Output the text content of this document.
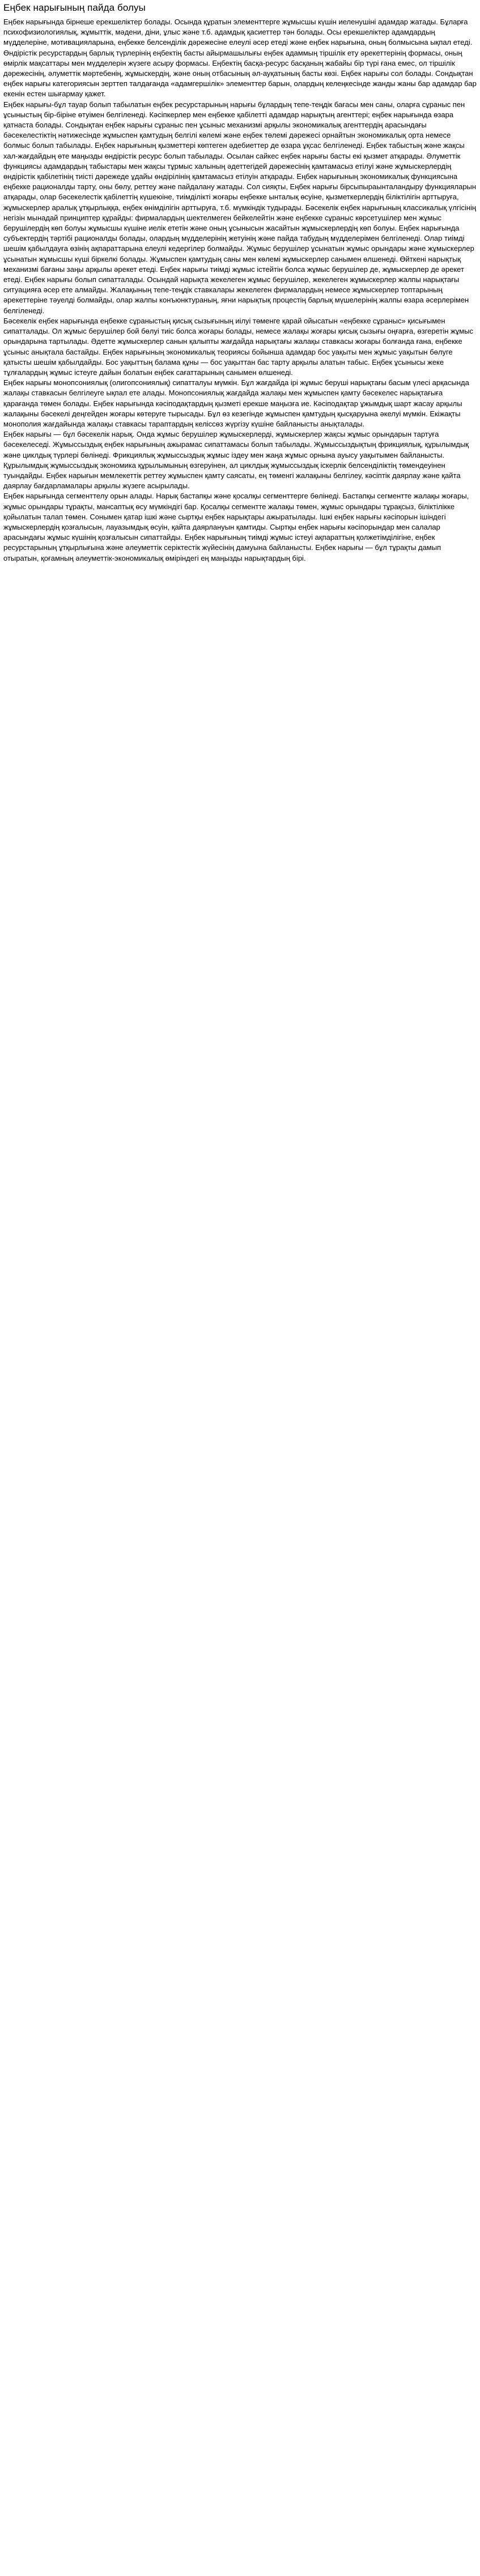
Еңбек нарығының пайда болуы

Еңбек нарығында бірнеше ерекшеліктер болады. Осында құратын элементтерге жұмысшы күшін иеленушіні адамдар жатады. Бұларға психофизиологиялық, жұмыттік, мәдени, діни, ұлыс және т.б. адамдық қасиеттер тән болады. Осы ерекшеліктер адамдардың мүдделеріне, мотивацияларына, еңбекке белсенділік дәрежесіне елеулі әсер етеді және еңбек нарығына, оның болмысына ықпал етеді. Өндірістік ресурстардың барлық түрлерінің еңбектің басты айырмашылығы еңбек адаммың тіршілік ету әрекеттерінің формасы, оның өмірлік мақсаттары мен мүдделерін жүзеге асыру формасы. Еңбектің басқа-ресурс басқаның жабайы бір түрі ғана емес, ол тіршілік дәрежесінің, әлуметтік мәртебенің, жұмыскердің, және оның отбасының әл-ауқатының басты көзі. Еңбек нарығы сол болады. Сондықтан еңбек нарығы категориясын зерттеп талдағанда «адамгершілік» элементтер барын, олардың келеңкесінде жанды жаны бар адамдар бар екенін естен шығармау қажет.

Еңбек нарығы-бұл тауар болып табылатын еңбек ресурстарының нарығы бұлардың тепе-теңдік бағасы мен саны, оларға сұраныс пен ұсыныстың бір-біріне өтуімен белгіленеді. Кәсіпкерлер мен еңбекке қабілетті адамдар нарықтың агенттері; еңбек нарығында өзара қатнаста болады. Сондықтан еңбек нарығы сұраныс пен ұсыныс механизмі арқылы экономикалық агенттердің арасындағы бәсекелестіктің нәтижесінде жұмыспен қамтудың белгілі көлемі және еңбек төлемі дәрежесі орнайтын экономикалық орта немесе болмыс болып табылады. Еңбек нарығының қызметтері көптеген әдебиеттер де өзара ұқсас белгіленеді. Еңбек табыстың және жақсы хал-жағдайдың өте маңызды өндірістік ресурс болып табылады. Осылан сайкес еңбек нарығы басты екі қызмет атқарады. Әлуметтік функциясы адамдардың табыстары мен жақсы тұрмыс халының әдеттегідей дәрежесінің қамтамасыз етілуі және жұмыскерлердің өндірістік қабілетінің тиісті дәрежеде ұдайы өндірілінің қамтамасыз етілуін атқарады. Еңбек нарығының экономикалық функциясына еңбекке рационалды тарту, оны бөлу, реттеу және пайдалану жатады. Сол сияқты, Еңбек нарығы бірсыпыраынталандыру функцияларын атқарады, олар бәсекелестік қабілеттің күшеюіне, тиімділікті жоғары еңбекке ынталық өсуіне, қызметкерлердің біліктілігін арттыруға, жұмыскерлер аралық ұтқырлыққа, еңбек өнімділігін арттыруға, т.б. мүмкіндік тудырады. Бәсекелік еңбек нарығының классикалық үлгісінің негізін мынадай принциптер құрайды: фирмалардың шектелмеген бейкелейтін және еңбекке сұраныс көрсетушілер мен жұмыс берушілердің көп болуы жұмысшы күшіне иелік ететін және оның ұсынысын жасайтын жұмыскерлердің көп болуы. Еңбек нарығында субъектердің тәртібі рационалды болады, олардың мүдделерінің жетуінің және пайда табудың мүдделерімен белгіленеді. Олар тиімді шешім қабылдауға өзінің ақпараттарына елеулі кедергілер болмайды. Жұмыс берушілер ұсынатын жұмыс орындары және жұмыскерлер ұсынатын жұмысшы күші біркелкі болады. Жұмыспен қамтудың саны мен көлемі жұмыскерлер санымен өлшенеді. Өйткені нарықтық механизмі бағаны заңы арқылы әрекет етеді. Еңбек нарығы тиімді жұмыс істейтін болса жұмыс берушілер де, жұмыскерлер де әрекет етеді. Еңбек нарығы болып сипатталады. Осындай нарықта жекелеген жұмыс берушілер, жекелеген жұмыскерлер жалпы нарықтағы ситуацияға әсер ете алмайды. Жалақының тепе-теңдік ставкалары жекелеген фирмалардың немесе жұмыскерлер топтарының әрекеттеріне тәуелді болмайды, олар жалпы конъюнктураның, яғни нарықтық процестің барлық мүшелерінің жалпы өзара әсерлерімен белгіленеді.

Бәсекелік еңбек нарығында еңбекке сұраныстың қисық сызығының иілуі төменге қарай ойысатын «еңбекке сұраныс» қисығымен сипатталады. Ол жұмыс берушілер бой бөлуі тиіс болса жоғары болады, немесе жалақы жоғары қисық сызығы оңғарға, өзгеретін жұмыс орындарына тартылады. Әдетте жұмыскерлер санын қалыпты жағдайда нарықтағы жалақы ставкасы жоғары болғанда ғана, еңбекке ұсыныс анықтала бастайды. Еңбек нарығының экономикалық теориясы бойынша адамдар бос уақыты мен жұмыс уақытын бөлуге қатысты шешім қабылдайды. Бос уақыттың балама құны — бос уақыттан бас тарту арқылы алатын табыс. Еңбек ұсынысы жеке тұлғалардың жұмыс істеуге дайын болатын еңбек сағаттарының санымен өлшенеді.

Еңбек нарығы монопсониялық (олигопсониялық) сипатталуы мүмкін. Бұл жағдайда ірі жұмыс беруші нарықтағы басым үлесі арқасында жалақы ставкасын белгілеуге ықпал ете алады. Монопсониялық жағдайда жалақы мен жұмыспен қамту бәсекелес нарықтағыға қарағанда төмен болады. Еңбек нарығында кәсіподақтардың қызметі ерекше маңызға ие. Кәсіподақтар ұжымдық шарт жасау арқылы жалақыны бәсекелі деңгейден жоғары көтеруге тырысады. Бұл өз кезегінде жұмыспен қамтудың қысқаруына әкелуі мүмкін. Екіжақты монополия жағдайында жалақы ставкасы тараптардың келіссөз жүргізу күшіне байланысты анықталады.

Еңбек нарығы — бұл бәсекелік нарық. Онда жұмыс берушілер жұмыскерлерді, жұмыскерлер жақсы жұмыс орындарын тартуға бәсекелеседі. Жұмыссыздық еңбек нарығының ажырамас сипаттамасы болып табылады. Жұмыссыздықтың фрикциялық, құрылымдық және циклдық түрлері бөлінеді. Фрикциялық жұмыссыздық жұмыс іздеу мен жаңа жұмыс орнына ауысу уақытымен байланысты. Құрылымдық жұмыссыздық экономика құрылымының өзгеруінен, ал циклдық жұмыссыздық іскерлік белсенділіктің төмендеуінен туындайды. Еңбек нарығын мемлекеттік реттеу жұмыспен қамту саясаты, ең төменгі жалақыны белгілеу, кәсіптік даярлау және қайта даярлау бағдарламалары арқылы жүзеге асырылады.

Еңбек нарығында сегменттелу орын алады. Нарық бастапқы және қосалқы сегменттерге бөлінеді. Бастапқы сегментте жалақы жоғары, жұмыс орындары тұрақты, мансаптық өсу мүмкіндігі бар. Қосалқы сегментте жалақы төмен, жұмыс орындары тұрақсыз, біліктілікке қойылатын талап төмен. Сонымен қатар ішкі және сыртқы еңбек нарықтары ажыратылады. Ішкі еңбек нарығы кәсіпорын ішіндегі жұмыскерлердің қозғалысын, лауазымдық өсуін, қайта даярлануын қамтиды. Сыртқы еңбек нарығы кәсіпорындар мен салалар арасындағы жұмыс күшінің қозғалысын сипаттайды. Еңбек нарығының тиімді жұмыс істеуі ақпараттың қолжетімділігіне, еңбек ресурстарының ұтқырлығына және әлеуметтік серіктестік жүйесінің дамуына байланысты. Еңбек нарығы — бұл тұрақты дамып отыратын, қоғамның әлеуметтік-экономикалық өміріндегі ең маңызды нарықтардың бірі.
